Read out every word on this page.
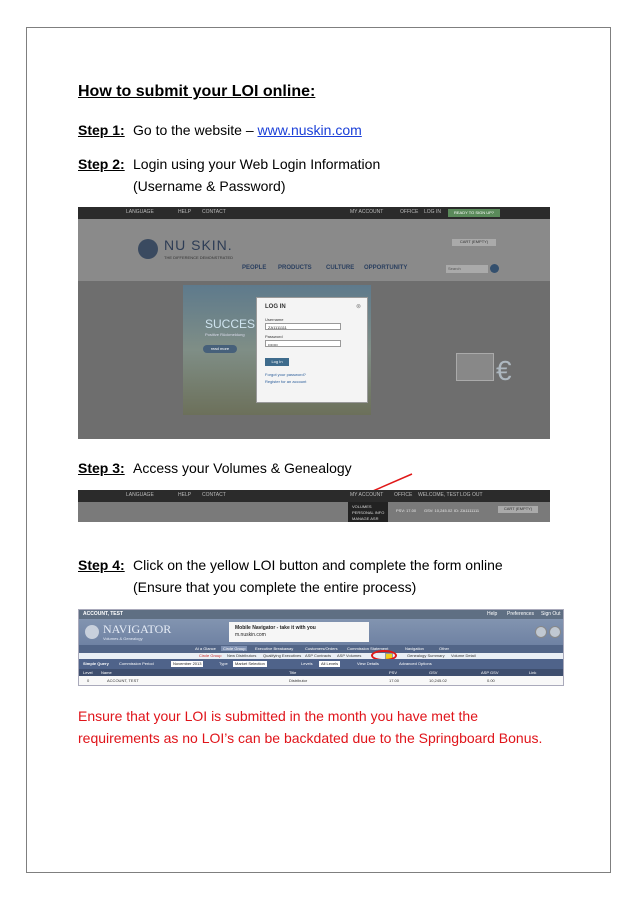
How to submit your LOI online:
Step 1: Go to the website – www.nuskin.com
Step 2: Login using your Web Login Information
(Username & Password)
LANGUAGE	HELP CONTACT	MY ACCOUNT	OFFICE LOG IN	READY TO SIGN UP?
NU SKIN.
THE DIFFERENCE DEMONSTRATED
PEOPLE PRODUCTS CULTURE OPPORTUNITY
CART (EMPTY)
Search
SUCCES
Positive Rückmeldung
read more
€
LOG IN	⊗
Username
ZA1111111
Password
•••••••
Log In
Forgot your password?
Register for an account
Step 3: Access your Volumes & Genealogy
LANGUAGE	HELP CONTACT	MY ACCOUNT OFFICE WELCOME, TEST LOG OUT
VOLUMES
PERSONAL INFO
MANAGE ASR
PSV: 17.00 GSV: 10,245.02 ID: ZA1111111	CART (EMPTY)
Step 4: Click on the yellow LOI button and complete the form online
(Ensure that you complete the entire process)
ACCOUNT, TEST	Help Preferences Sign Out
NAVIGATOR
Volumes & Genealogy
Mobile Navigator - take it with you
m.nuskin.com
At a Glance	Circle Group	Executive Breakaway	Customers/Orders Commission Statement	Navigation	Other
Circle Group New Distributors Qualifying Executives ASP Contracts ASP Volumes	Genealogy Summary Volume Detail
Simple Query	Commission Period	November 2013	Type	Market Selection	Levels	All Levels	View Details	Advanced Options
Level Name	Title	PSV	GSV	ASP GSV	Link
0	ACCOUNT, TEST	Distributor	17.00	10,245.02	0.00
Ensure that your LOI is submitted in the month you have met the requirements as no LOI’s can be backdated due to the Springboard Bonus.
